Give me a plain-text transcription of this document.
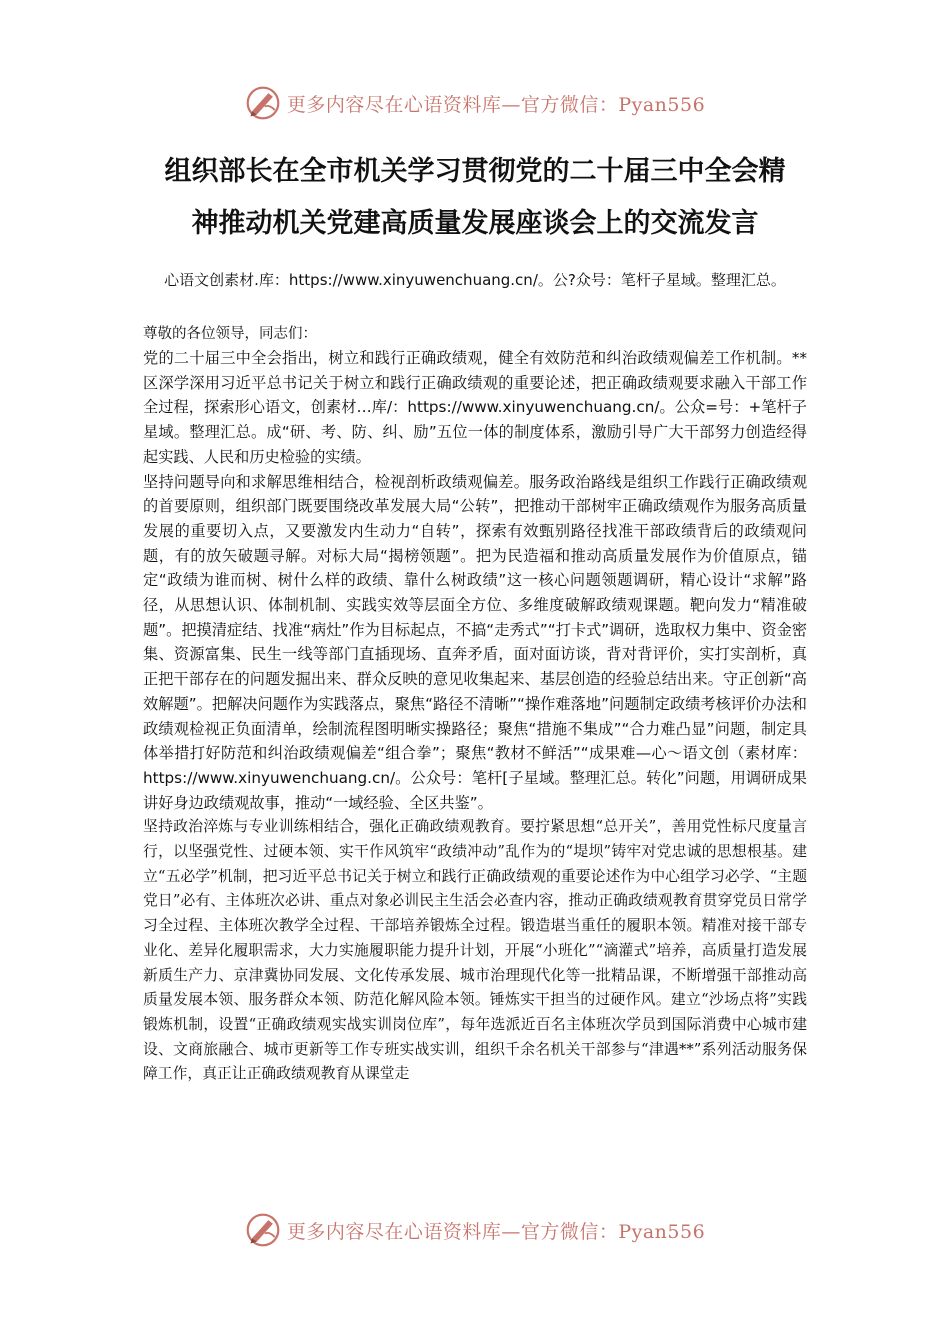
更多内容尽在心语资料库—官方微信：Pyan556
组织部长在全市机关学习贯彻党的二十届三中全会精
神推动机关党建高质量发展座谈会上的交流发言
心语文创素材.库：https://www.xinyuwenchuang.cn/。公?众号：笔杆子星域。整理汇总。

尊敬的各位领导，同志们：

党的二十届三中全会指出，树立和践行正确政绩观，健全有效防范和纠治政绩观偏差工作机制。**区深学深用习近平总书记关于树立和践行正确政绩观的重要论述，把正确政绩观要求融入干部工作全过程，探索形心语文，创素材…库/：https://www.xinyuwenchuang.cn/。公众=号：+笔杆子星域。整理汇总。成“研、考、防、纠、励”五位一体的制度体系，激励引导广大干部努力创造经得起实践、人民和历史检验的实绩。

坚持问题导向和求解思维相结合，检视剖析政绩观偏差。服务政治路线是组织工作践行正确政绩观的首要原则，组织部门既要围绕改革发展大局“公转”，把推动干部树牢正确政绩观作为服务高质量发展的重要切入点，又要激发内生动力“自转”，探索有效甄别路径找准干部政绩背后的政绩观问题，有的放矢破题寻解。对标大局“揭榜领题”。把为民造福和推动高质量发展作为价值原点，锚定“政绩为谁而树、树什么样的政绩、靠什么树政绩”这一核心问题领题调研，精心设计“求解”路径，从思想认识、体制机制、实践实效等层面全方位、多维度破解政绩观课题。靶向发力“精准破题”。把摸清症结、找准“病灶”作为目标起点，不搞“走秀式”“打卡式”调研，选取权力集中、资金密集、资源富集、民生一线等部门直插现场、直奔矛盾，面对面访谈，背对背评价，实打实剖析，真正把干部存在的问题发掘出来、群众反映的意见收集起来、基层创造的经验总结出来。守正创新“高效解题”。把解决问题作为实践落点，聚焦“路径不清晰”“操作难落地”问题制定政绩考核评价办法和政绩观检视正负面清单，绘制流程图明晰实操路径；聚焦“措施不集成”“合力难凸显”问题，制定具体举措打好防范和纠治政绩观偏差“组合拳”；聚焦“教材不鲜活”“成果难—心～语文创（素材库：https://www.xinyuwenchuang.cn/。公众号：笔杆[子星域。整理汇总。转化”问题，用调研成果讲好身边政绩观故事，推动“一域经验、全区共鉴”。

坚持政治淬炼与专业训练相结合，强化正确政绩观教育。要拧紧思想“总开关”，善用党性标尺度量言行，以坚强党性、过硬本领、实干作风筑牢“政绩冲动”乱作为的“堤坝”铸牢对党忠诚的思想根基。建立“五必学”机制，把习近平总书记关于树立和践行正确政绩观的重要论述作为中心组学习必学、“主题党日”必有、主体班次必讲、重点对象必训民主生活会必查内容，推动正确政绩观教育贯穿党员日常学习全过程、主体班次教学全过程、干部培养锻炼全过程。锻造堪当重任的履职本领。精准对接干部专业化、差异化履职需求，大力实施履职能力提升计划，开展“小班化”“滴灌式”培养，高质量打造发展新质生产力、京津冀协同发展、文化传承发展、城市治理现代化等一批精品课，不断增强干部推动高质量发展本领、服务群众本领、防范化解风险本领。锤炼实干担当的过硬作风。建立“沙场点将”实践锻炼机制，设置“正确政绩观实战实训岗位库”，每年选派近百名主体班次学员到国际消费中心城市建设、文商旅融合、城市更新等工作专班实战实训，组织千余名机关干部参与“津遇**”系列活动服务保障工作，真正让正确政绩观教育从课堂走

更多内容尽在心语资料库—官方微信：Pyan556
